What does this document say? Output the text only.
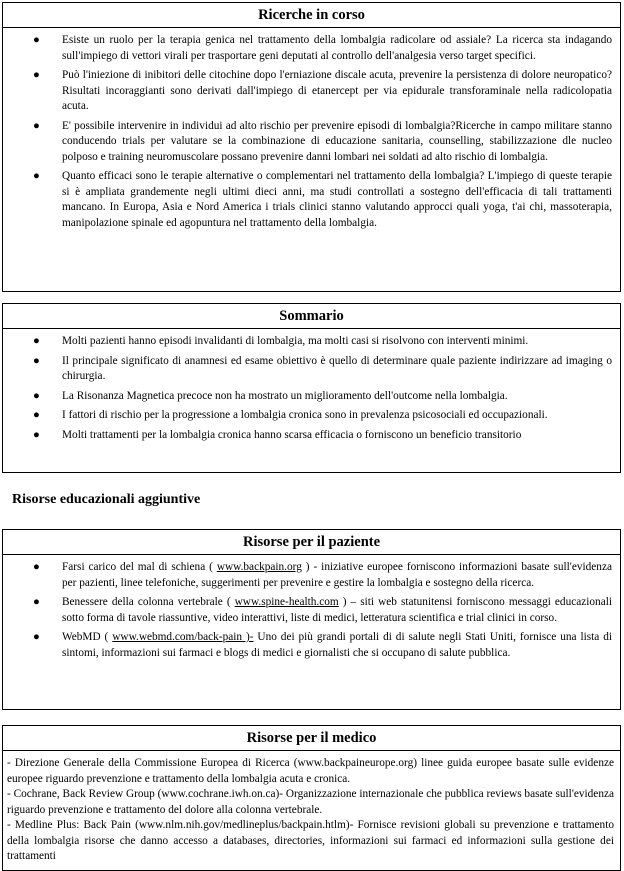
Ricerche in corso
● Esiste un ruolo per la terapia genica nel trattamento della lombalgia radicolare od assiale? La ricerca sta indagando sull'impiego di vettori virali per trasportare geni deputati al controllo dell'analgesia verso target specifici.
● Può l'iniezione di inibitori delle citochine dopo l'erniazione discale acuta, prevenire la persistenza di dolore neuropatico? Risultati incoraggianti sono derivati dall'impiego di etanercept per via epidurale transforaminale nella radicolopatia acuta.
● E' possibile intervenire in individui ad alto rischio per prevenire episodi di lombalgia?Ricerche in campo militare stanno conducendo trials per valutare se la combinazione di educazione sanitaria, counselling, stabilizzazione dle nucleo polposo e training neuromuscolare possano prevenire danni lombari nei soldati ad alto rischio di lombalgia.
● Quanto efficaci sono le terapie alternative o complementari nel trattamento della lombalgia? L'impiego di queste terapie si è ampliata grandemente negli ultimi dieci anni, ma studi controllati a sostegno dell'efficacia di tali trattamenti mancano. In Europa, Asia e Nord America i trials clinici stanno valutando approcci quali yoga, t'ai chi, massoterapia, manipolazione spinale ed agopuntura nel trattamento della lombalgia.
Sommario
● Molti pazienti hanno episodi invalidanti di lombalgia, ma molti casi si risolvono con interventi minimi.
● Il principale significato di anamnesi ed esame obiettivo è quello di determinare quale paziente indirizzare ad imaging o chirurgia.
● La Risonanza Magnetica precoce non ha mostrato un miglioramento dell'outcome nella lombalgia.
● I fattori di rischio per la progressione a lombalgia cronica sono in prevalenza psicosociali ed occupazionali.
● Molti trattamenti per la lombalgia cronica hanno scarsa efficacia o forniscono un beneficio transitorio
Risorse educazionali aggiuntive
Risorse per il paziente
● Farsi carico del mal di schiena ( www.backpain.org ) - iniziative europee forniscono informazioni basate sull'evidenza per pazienti, linee telefoniche, suggerimenti per prevenire e gestire la lombalgia e sostegno della ricerca.
● Benessere della colonna vertebrale ( www.spine-health.com ) – siti web statunitensi forniscono messaggi educazionali sotto forma di tavole riassuntive, video interattivi, liste di medici, letteratura scientifica e trial clinici in corso.
● WebMD ( www.webmd.com/back-pain )- Uno dei più grandi portali di di salute negli Stati Uniti, fornisce una lista di sintomi, informazioni sui farmaci e blogs di medici e giornalisti che si occupano di salute pubblica.
Risorse per il medico
- Direzione Generale della Commissione Europea di Ricerca (www.backpaineurope.org) linee guida europee basate sulle evidenze europee riguardo prevenzione e trattamento della lombalgia acuta e cronica.
- Cochrane, Back Review Group (www.cochrane.iwh.on.ca)- Organizzazione internazionale che pubblica reviews basate sull'evidenza riguardo prevenzione e trattamento del dolore alla colonna vertebrale.
- Medline Plus: Back Pain (www.nlm.nih.gov/medlineplus/backpain.htlm)- Fornisce revisioni globali su prevenzione e trattamento della lombalgia risorse che danno accesso a databases, directories, informazioni sui farmaci ed informazioni sulla gestione dei trattamenti
